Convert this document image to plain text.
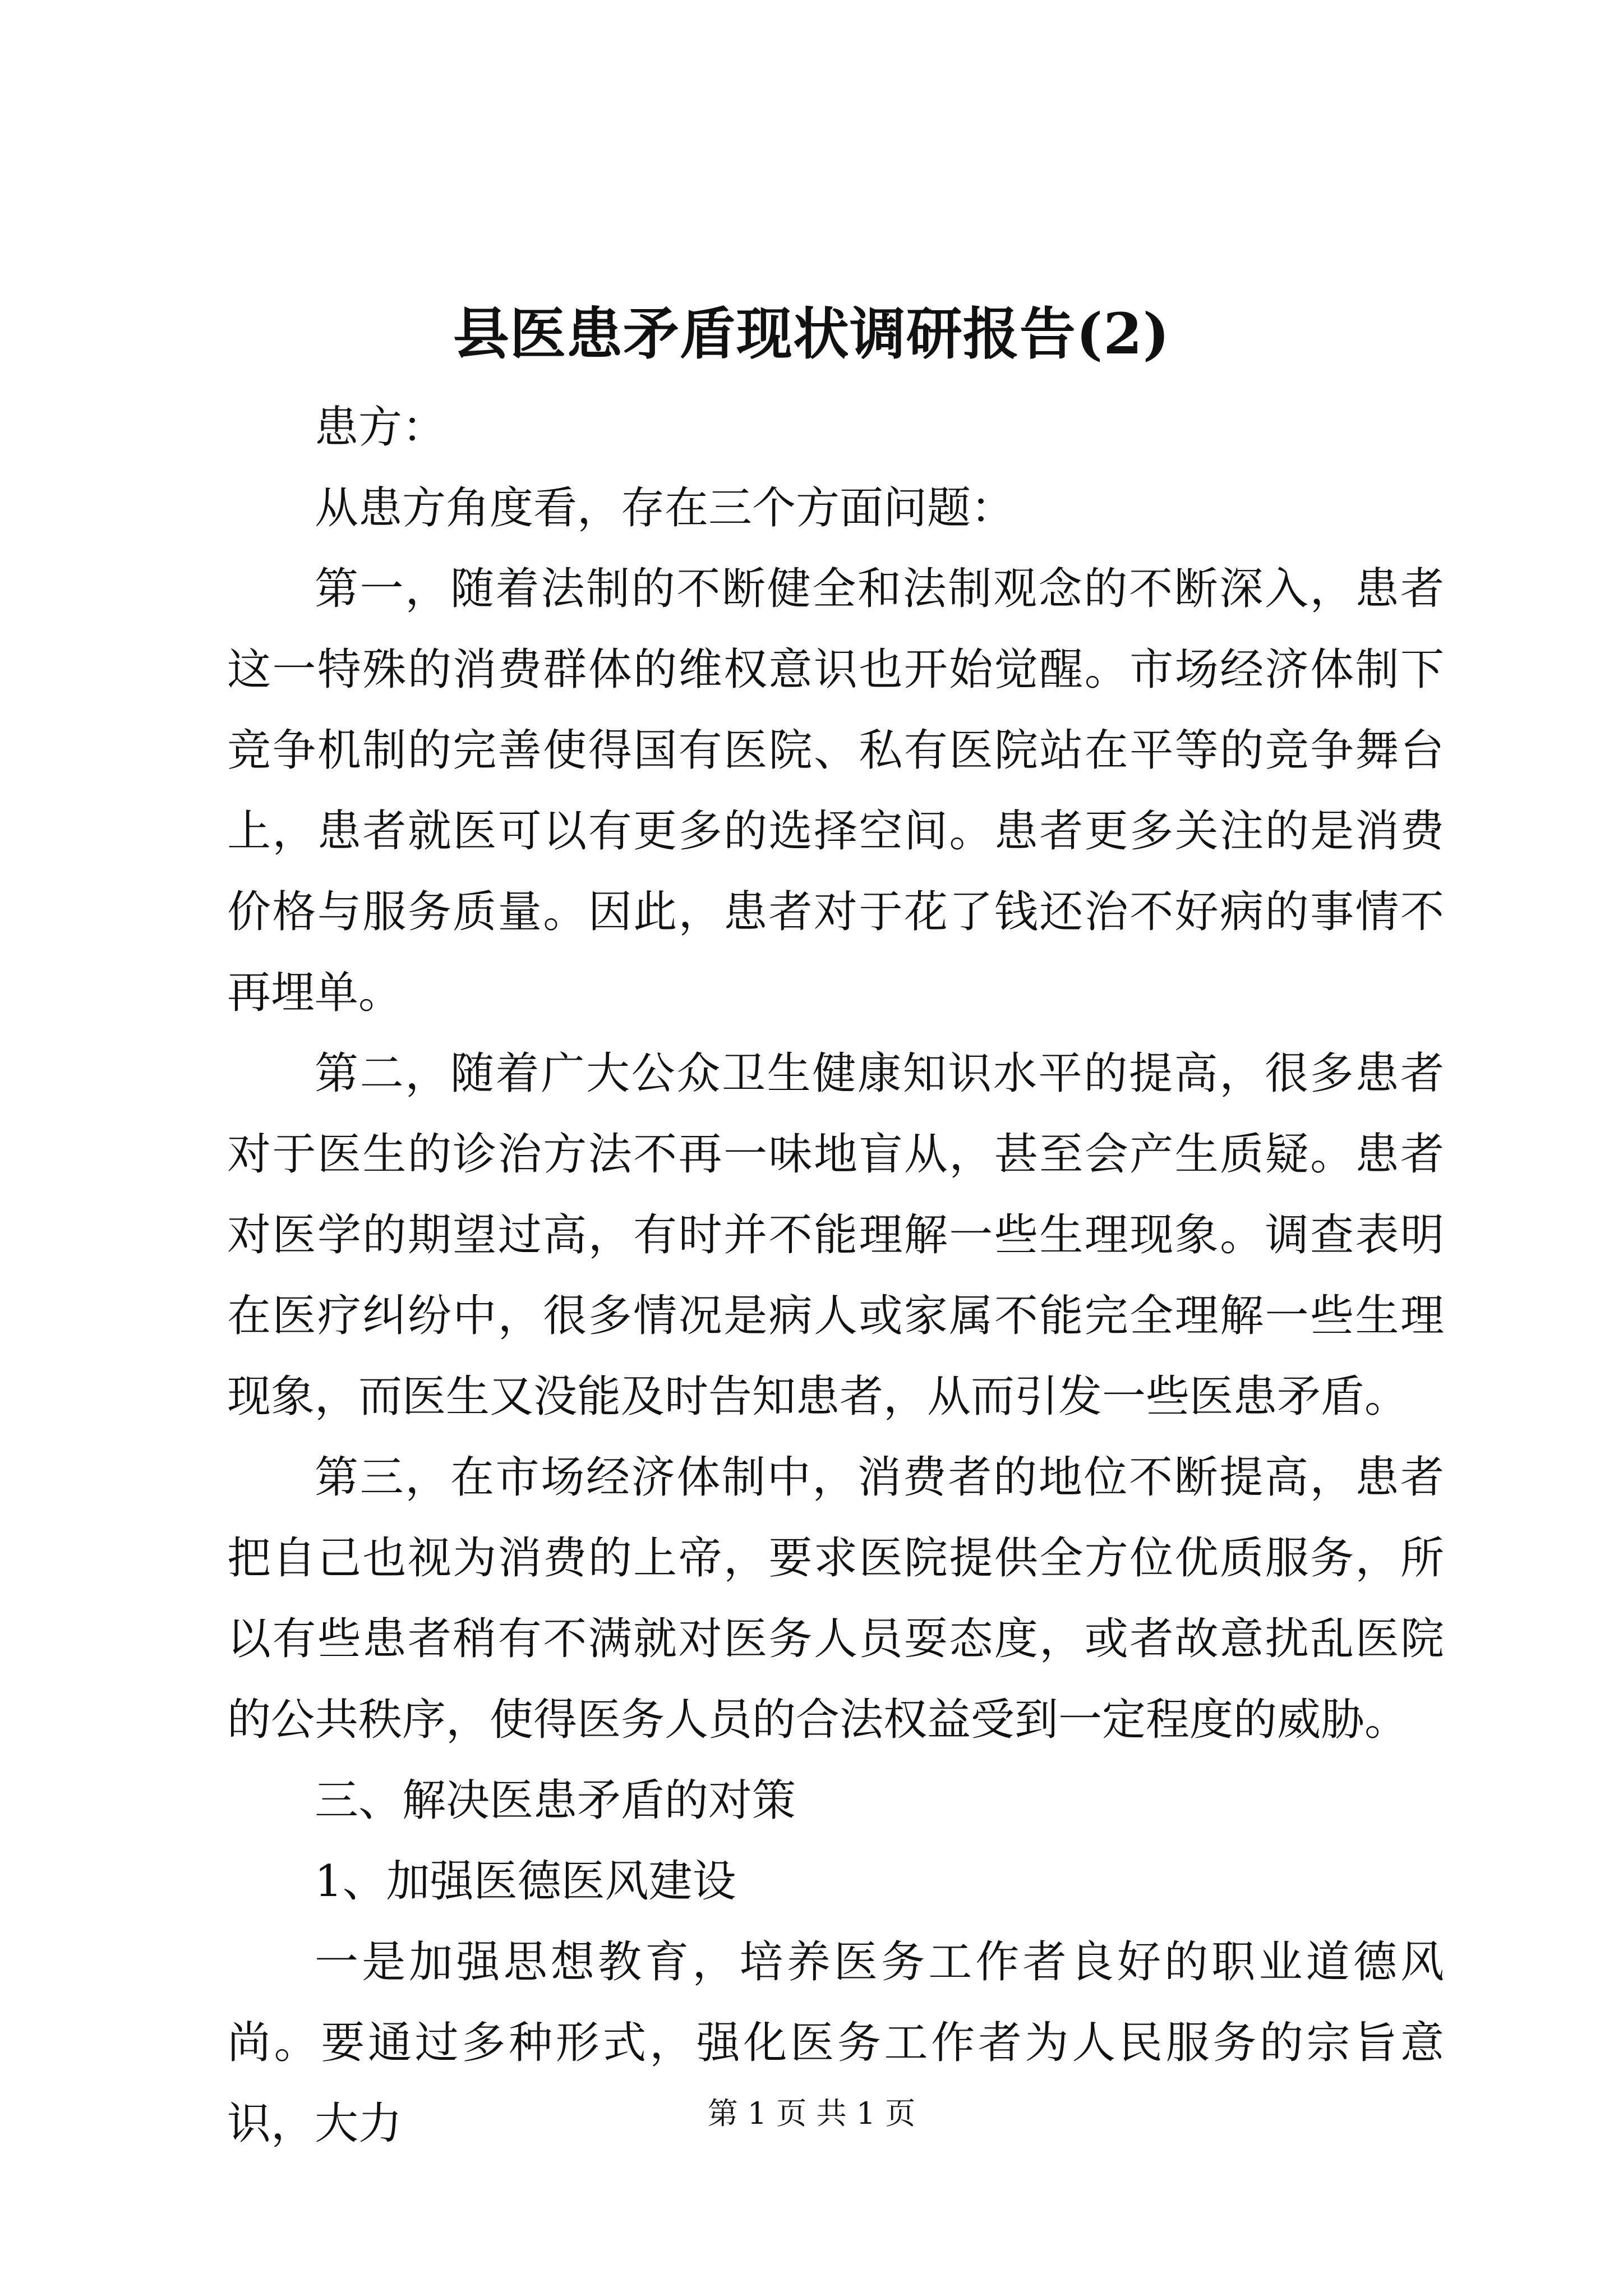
县医患矛盾现状调研报告(2)

患方：

从患方角度看，存在三个方面问题：

第一，随着法制的不断健全和法制观念的不断深入，患者这一特殊的消费群体的维权意识也开始觉醒。市场经济体制下竞争机制的完善使得国有医院、私有医院站在平等的竞争舞台上，患者就医可以有更多的选择空间。患者更多关注的是消费价格与服务质量。因此，患者对于花了钱还治不好病的事情不再埋单。

第二，随着广大公众卫生健康知识水平的提高，很多患者对于医生的诊治方法不再一味地盲从，甚至会产生质疑。患者对医学的期望过高，有时并不能理解一些生理现象。调查表明在医疗纠纷中，很多情况是病人或家属不能完全理解一些生理现象，而医生又没能及时告知患者，从而引发一些医患矛盾。

第三，在市场经济体制中，消费者的地位不断提高，患者把自己也视为消费的上帝，要求医院提供全方位优质服务，所以有些患者稍有不满就对医务人员耍态度，或者故意扰乱医院的公共秩序，使得医务人员的合法权益受到一定程度的威胁。

三、解决医患矛盾的对策

1、加强医德医风建设

一是加强思想教育，培养医务工作者良好的职业道德风尚。要通过多种形式，强化医务工作者为人民服务的宗旨意识，大力	第 1 页 共 1 页
